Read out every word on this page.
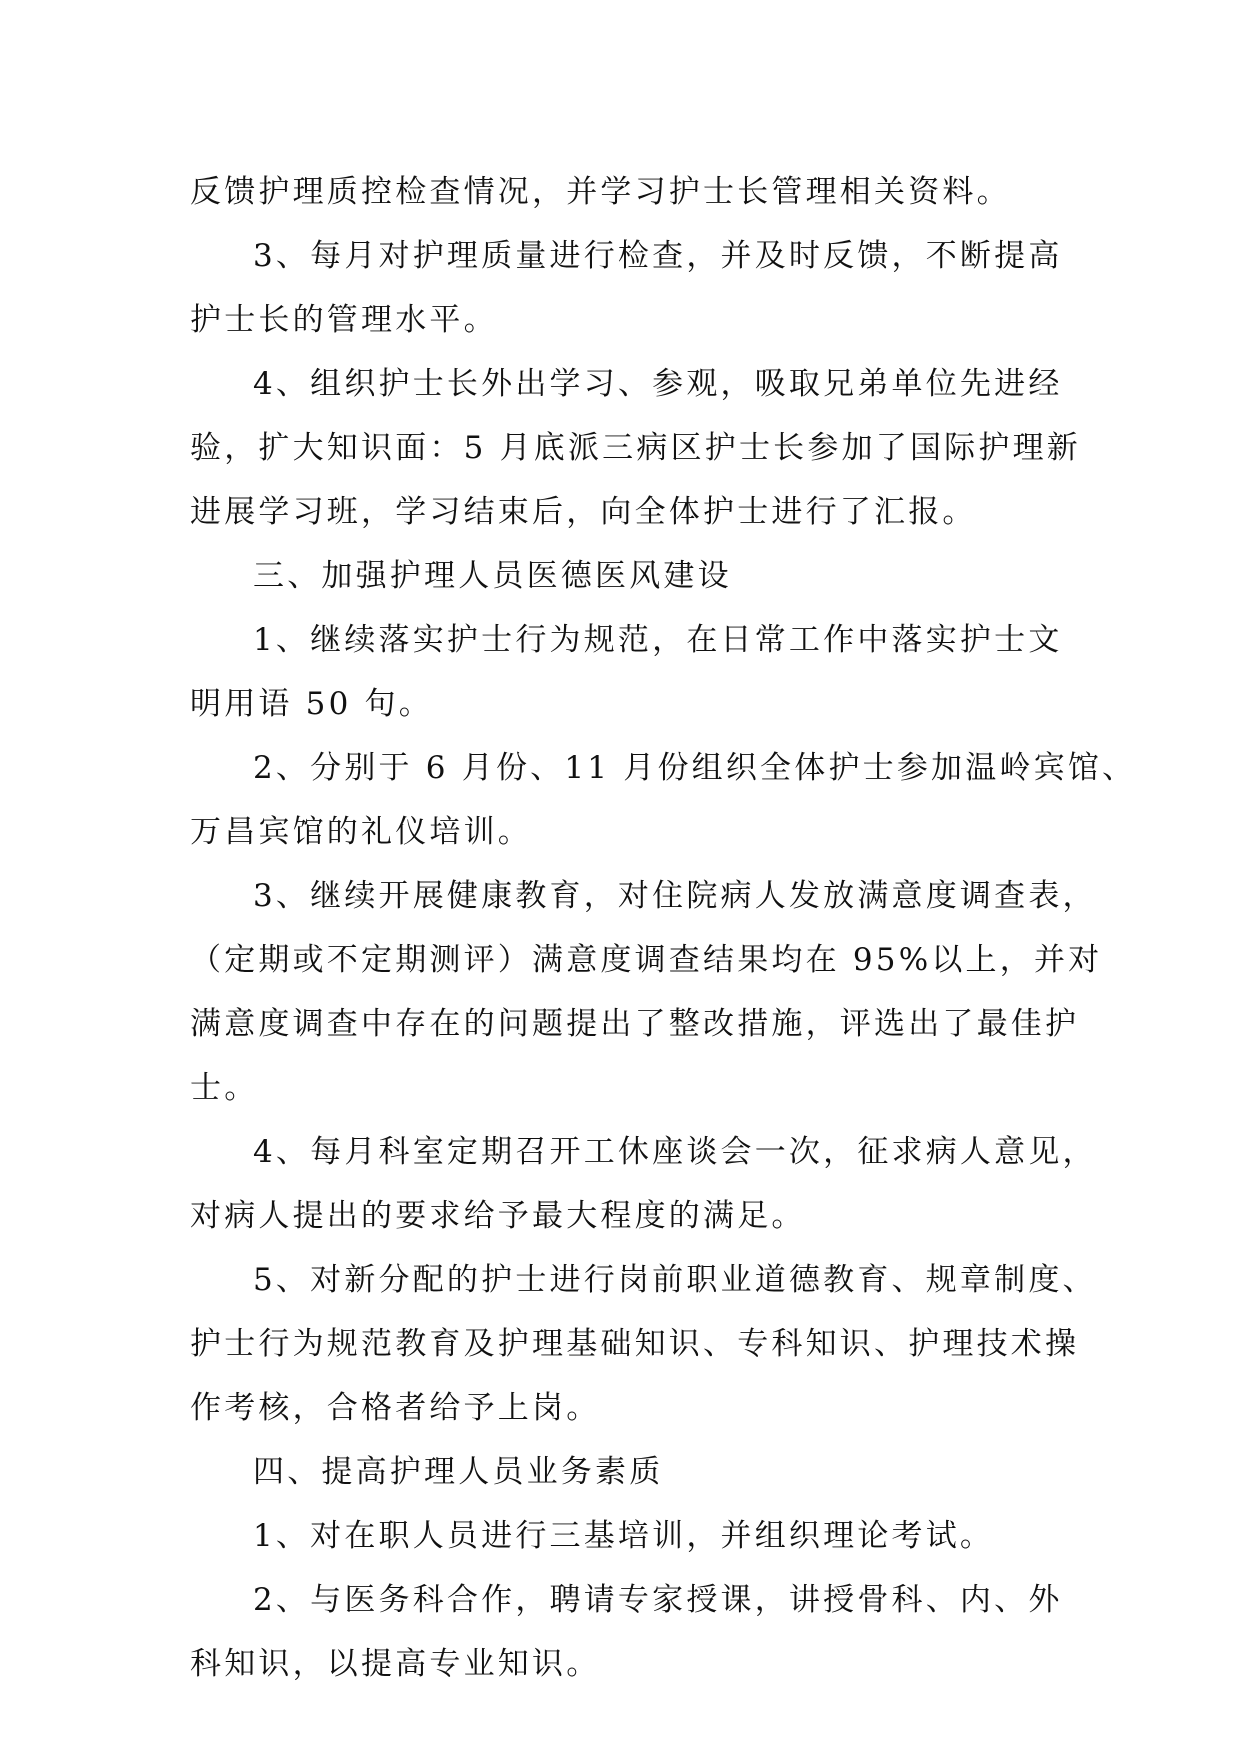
反馈护理质控检查情况，并学习护士长管理相关资料。
3、每月对护理质量进行检查，并及时反馈，不断提高
护士长的管理水平。
4、组织护士长外出学习、参观，吸取兄弟单位先进经
验，扩大知识面：5 月底派三病区护士长参加了国际护理新
进展学习班，学习结束后，向全体护士进行了汇报。
三、加强护理人员医德医风建设
1、继续落实护士行为规范，在日常工作中落实护士文
明用语 50 句。
2、分别于 6 月份、11 月份组织全体护士参加温岭宾馆、
万昌宾馆的礼仪培训。
3、继续开展健康教育，对住院病人发放满意度调查表，
（定期或不定期测评）满意度调查结果均在 95%以上，并对
满意度调查中存在的问题提出了整改措施，评选出了最佳护
士。
4、每月科室定期召开工休座谈会一次，征求病人意见，
对病人提出的要求给予最大程度的满足。
5、对新分配的护士进行岗前职业道德教育、规章制度、
护士行为规范教育及护理基础知识、专科知识、护理技术操
作考核，合格者给予上岗。
四、提高护理人员业务素质
1、对在职人员进行三基培训，并组织理论考试。
2、与医务科合作，聘请专家授课，讲授骨科、内、外
科知识，以提高专业知识。
